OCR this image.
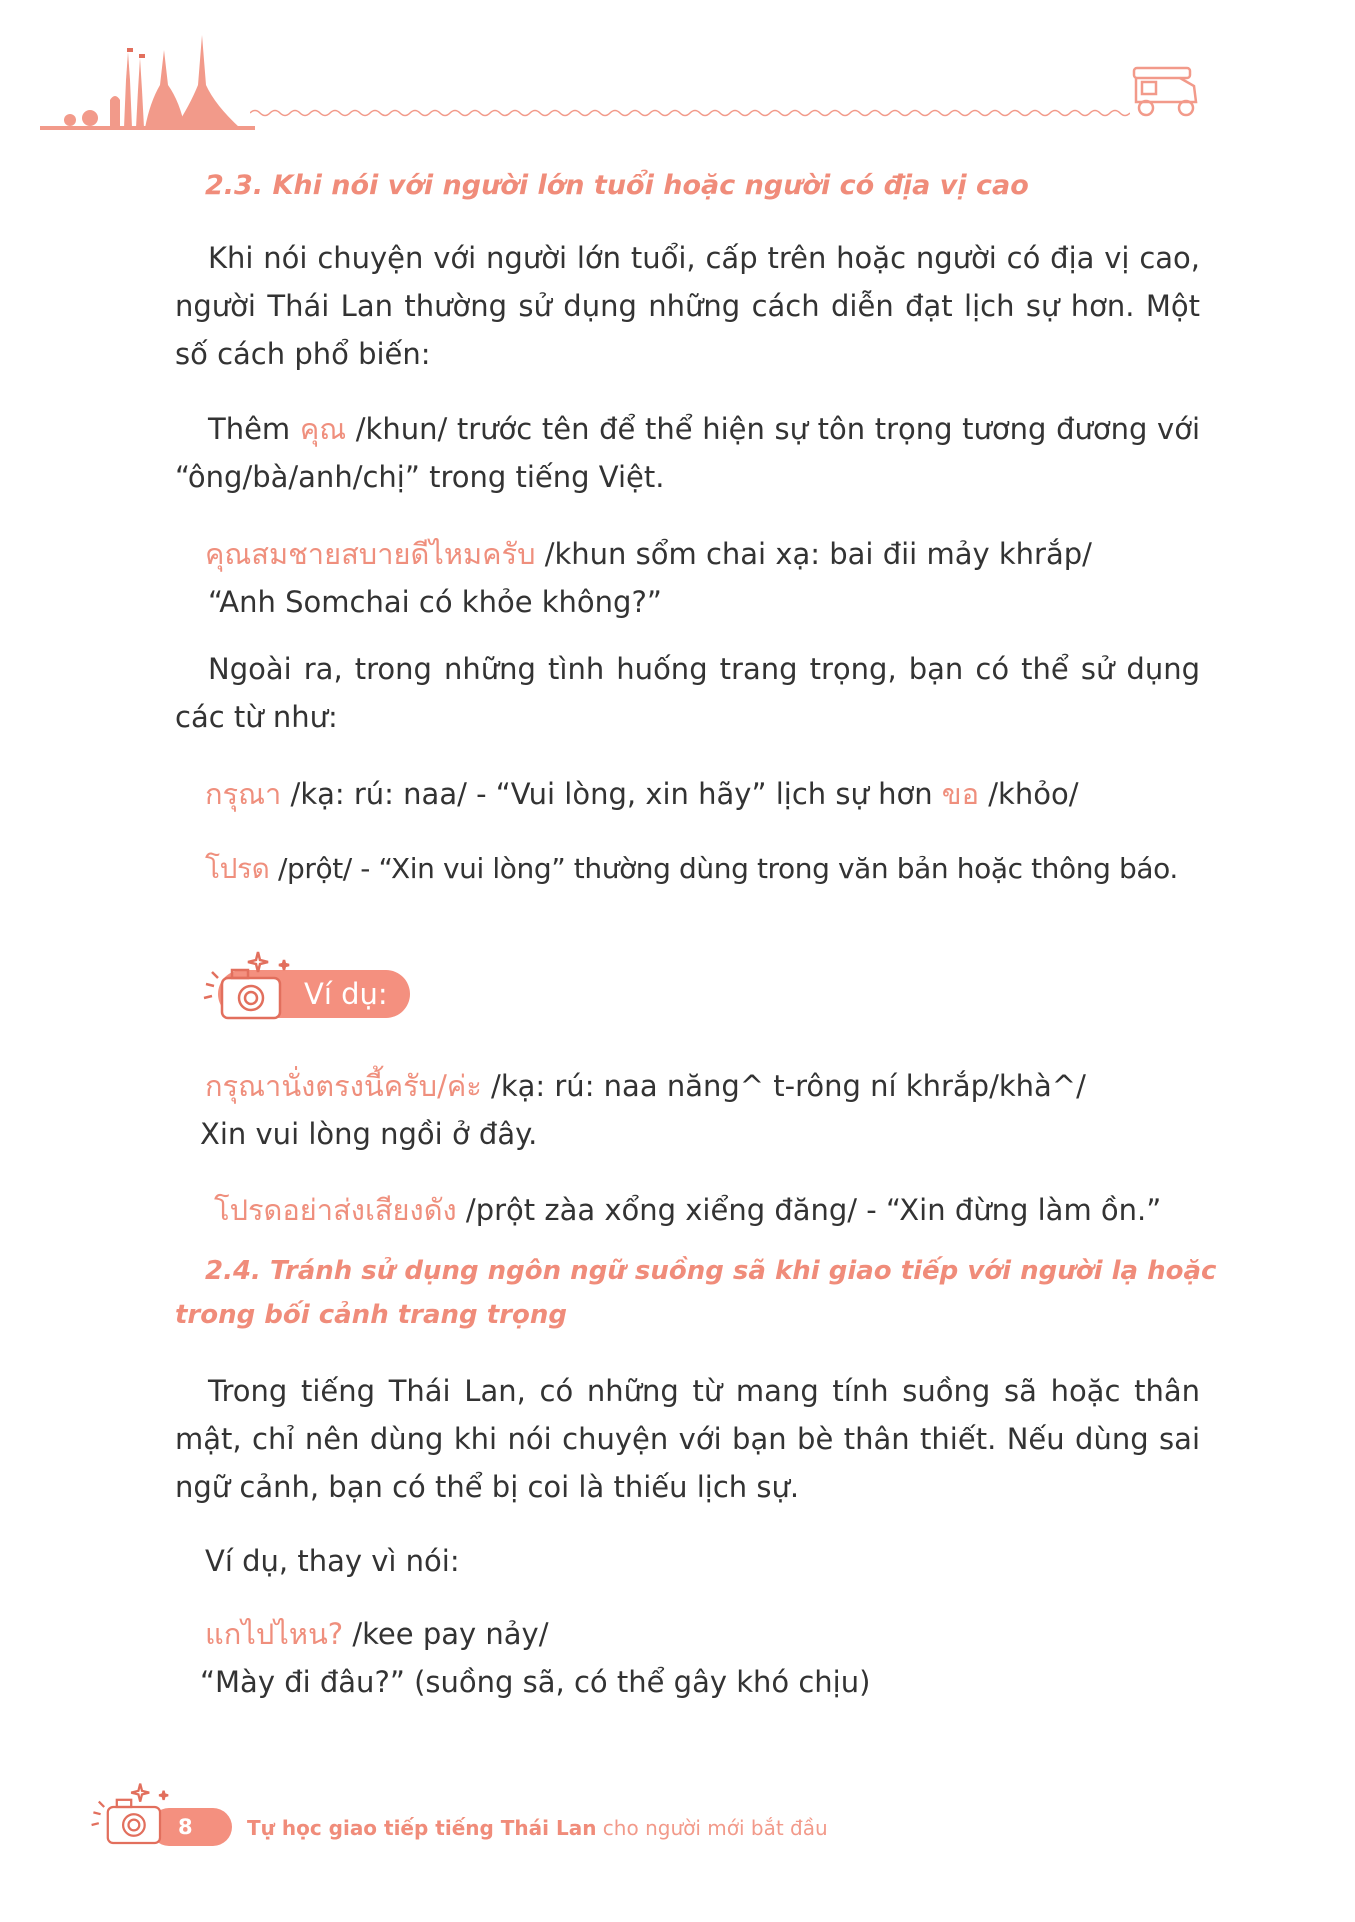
2.3. Khi nói với người lớn tuổi hoặc người có địa vị cao

Khi nói chuyện với người lớn tuổi, cấp trên hoặc người có địa vị cao, người Thái Lan thường sử dụng những cách diễn đạt lịch sự hơn. Một số cách phổ biến:

Thêm คุณ /khun/ trước tên để thể hiện sự tôn trọng tương đương với “ông/bà/anh/chị” trong tiếng Việt.

คุณสมชายสบายดีไหมครับ /khun sổm chai xạ: bai đii mảy khrắp/
“Anh Somchai có khỏe không?”

Ngoài ra, trong những tình huống trang trọng, bạn có thể sử dụng các từ như:

กรุณา /kạ: rú: naa/ - “Vui lòng, xin hãy” lịch sự hơn ขอ /khỏo/
โปรด /prột/ - “Xin vui lòng” thường dùng trong văn bản hoặc thông báo.
Ví dụ:
กรุณานั่งตรงนี้ครับ/ค่ะ /kạ: rú: naa năng^ t-rông ní khrắp/khà^/
Xin vui lòng ngồi ở đây.
โปรดอย่าส่งเสียงดัง /prột zàa xổng xiểng đăng/ - “Xin đừng làm ồn.”
2.4. Tránh sử dụng ngôn ngữ suồng sã khi giao tiếp với người lạ hoặc
trong bối cảnh trang trọng

Trong tiếng Thái Lan, có những từ mang tính suồng sã hoặc thân mật, chỉ nên dùng khi nói chuyện với bạn bè thân thiết. Nếu dùng sai ngữ cảnh, bạn có thể bị coi là thiếu lịch sự.

Ví dụ, thay vì nói:
แกไปไหน? /kee pay nảy/
“Mày đi đâu?” (suồng sã, có thể gây khó chịu)
8	Tự học giao tiếp tiếng Thái Lan cho người mới bắt đầu
